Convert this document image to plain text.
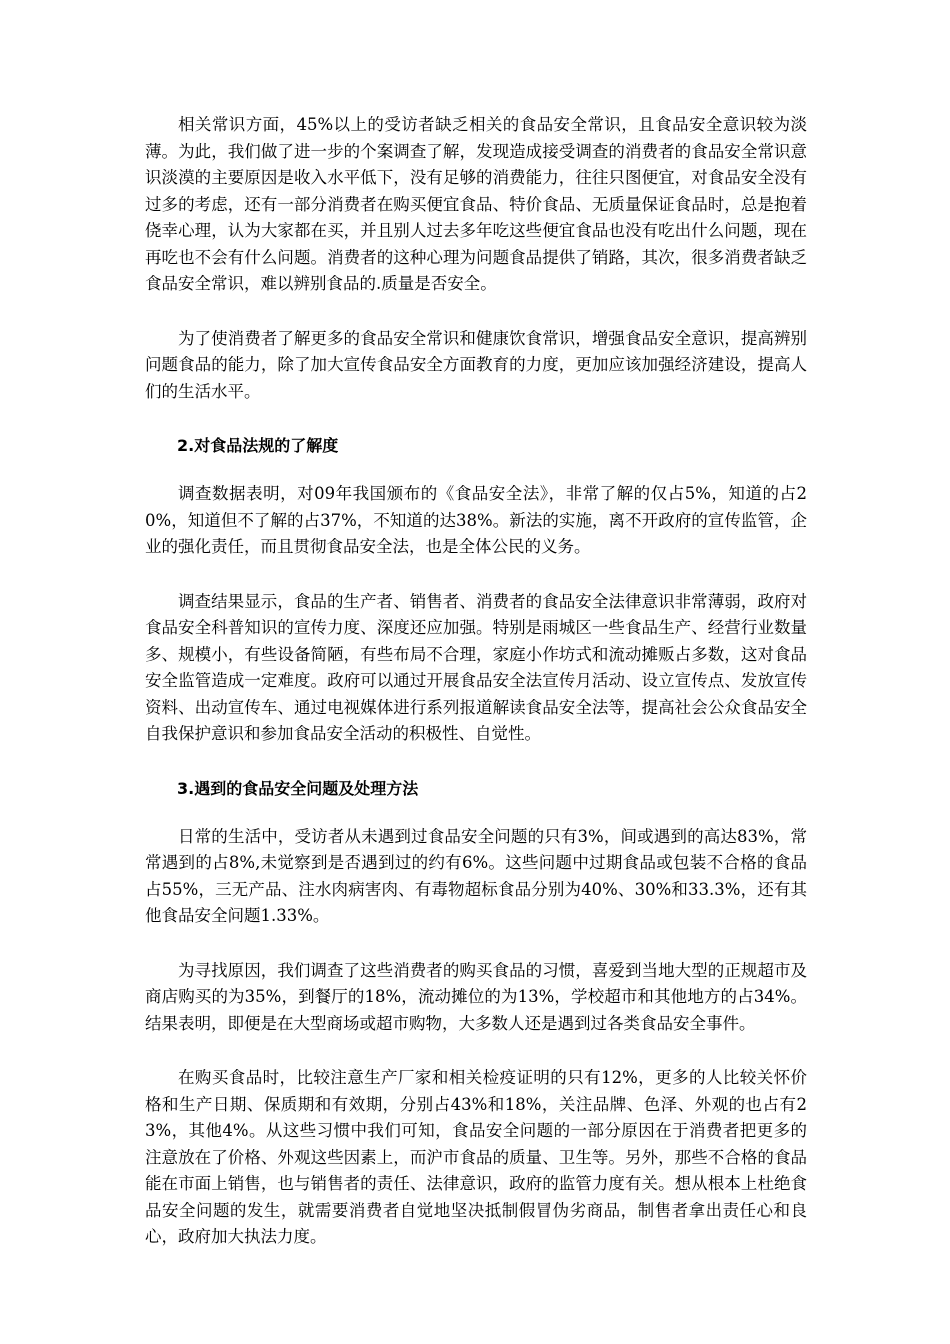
相关常识方面，45%以上的受访者缺乏相关的食品安全常识，且食品安全意识较为淡薄。为此，我们做了进一步的个案调查了解，发现造成接受调查的消费者的食品安全常识意识淡漠的主要原因是收入水平低下，没有足够的消费能力，往往只图便宜，对食品安全没有过多的考虑，还有一部分消费者在购买便宜食品、特价食品、无质量保证食品时，总是抱着侥幸心理，认为大家都在买，并且别人过去多年吃这些便宜食品也没有吃出什么问题，现在再吃也不会有什么问题。消费者的这种心理为问题食品提供了销路，其次，很多消费者缺乏食品安全常识，难以辨别食品的.质量是否安全。

为了使消费者了解更多的食品安全常识和健康饮食常识，增强食品安全意识，提高辨别问题食品的能力，除了加大宣传食品安全方面教育的力度，更加应该加强经济建设，提高人们的生活水平。

2.对食品法规的了解度

调查数据表明，对09年我国颁布的《食品安全法》，非常了解的仅占5%，知道的占20%，知道但不了解的占37%，不知道的达38%。新法的实施，离不开政府的宣传监管，企业的强化责任，而且贯彻食品安全法，也是全体公民的义务。

调查结果显示，食品的生产者、销售者、消费者的食品安全法律意识非常薄弱，政府对食品安全科普知识的宣传力度、深度还应加强。特别是雨城区一些食品生产、经营行业数量多、规模小，有些设备简陋，有些布局不合理，家庭小作坊式和流动摊贩占多数，这对食品安全监管造成一定难度。政府可以通过开展食品安全法宣传月活动、设立宣传点、发放宣传资料、出动宣传车、通过电视媒体进行系列报道解读食品安全法等，提高社会公众食品安全自我保护意识和参加食品安全活动的积极性、自觉性。

3.遇到的食品安全问题及处理方法

日常的生活中，受访者从未遇到过食品安全问题的只有3%，间或遇到的高达83%，常常遇到的占8%,未觉察到是否遇到过的约有6%。这些问题中过期食品或包装不合格的食品占55%，三无产品、注水肉病害肉、有毒物超标食品分别为40%、30%和33.3%，还有其他食品安全问题1.33%。

为寻找原因，我们调查了这些消费者的购买食品的习惯，喜爱到当地大型的正规超市及商店购买的为35%，到餐厅的18%，流动摊位的为13%，学校超市和其他地方的占34%。结果表明，即便是在大型商场或超市购物，大多数人还是遇到过各类食品安全事件。

在购买食品时，比较注意生产厂家和相关检疫证明的只有12%，更多的人比较关怀价格和生产日期、保质期和有效期，分别占43%和18%，关注品牌、色泽、外观的也占有23%，其他4%。从这些习惯中我们可知，食品安全问题的一部分原因在于消费者把更多的注意放在了价格、外观这些因素上，而沪市食品的质量、卫生等。另外，那些不合格的食品能在市面上销售，也与销售者的责任、法律意识，政府的监管力度有关。想从根本上杜绝食品安全问题的发生，就需要消费者自觉地坚决抵制假冒伪劣商品，制售者拿出责任心和良心，政府加大执法力度。
